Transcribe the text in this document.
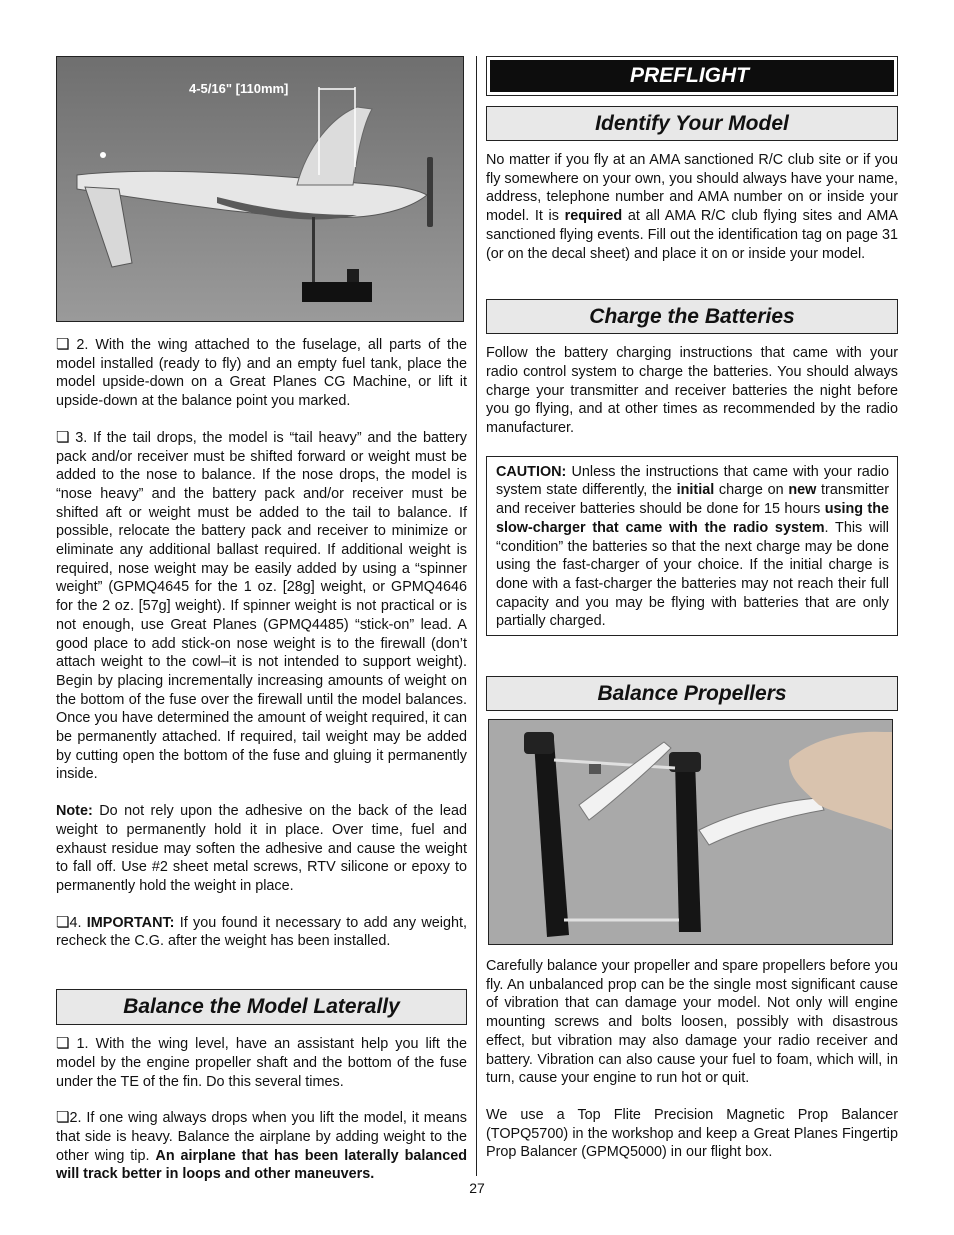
4-5/16" [110mm]

❏ 2. With the wing attached to the fuselage, all parts of the model installed (ready to fly) and an empty fuel tank, place the model upside-down on a Great Planes CG Machine, or lift it upside-down at the balance point you marked.

❏ 3. If the tail drops, the model is “tail heavy” and the battery pack and/or receiver must be shifted forward or weight must be added to the nose to balance. If the nose drops, the model is “nose heavy” and the battery pack and/or receiver must be shifted aft or weight must be added to the tail to balance. If possible, relocate the battery pack and receiver to minimize or eliminate any additional ballast required. If additional weight is required, nose weight may be easily added by using a “spinner weight” (GPMQ4645 for the 1 oz. [28g] weight, or GPMQ4646 for the 2 oz. [57g] weight). If spinner weight is not practical or is not enough, use Great Planes (GPMQ4485) “stick-on” lead. A good place to add stick-on nose weight is to the firewall (don’t attach weight to the cowl–it is not intended to support weight). Begin by placing incrementally increasing amounts of weight on the bottom of the fuse over the firewall until the model balances. Once you have determined the amount of weight required, it can be permanently attached. If required, tail weight may be added by cutting open the bottom of the fuse and gluing it permanently inside.

Note: Do not rely upon the adhesive on the back of the lead weight to permanently hold it in place. Over time, fuel and exhaust residue may soften the adhesive and cause the weight to fall off. Use #2 sheet metal screws, RTV silicone or epoxy to permanently hold the weight in place.

❏4. IMPORTANT: If you found it necessary to add any weight, recheck the C.G. after the weight has been installed.

Balance the Model Laterally

❏ 1. With the wing level, have an assistant help you lift the model by the engine propeller shaft and the bottom of the fuse under the TE of the fin. Do this several times.

❏2. If one wing always drops when you lift the model, it means that side is heavy. Balance the airplane by adding weight to the other wing tip. An airplane that has been laterally balanced will track better in loops and other maneuvers.

PREFLIGHT
Identify Your Model

No matter if you fly at an AMA sanctioned R/C club site or if you fly somewhere on your own, you should always have your name, address, telephone number and AMA number on or inside your model. It is required at all AMA R/C club flying sites and AMA sanctioned flying events. Fill out the identification tag on page 31 (or on the decal sheet) and place it on or inside your model.

Charge the Batteries

Follow the battery charging instructions that came with your radio control system to charge the batteries. You should always charge your transmitter and receiver batteries the night before you go flying, and at other times as recommended by the radio manufacturer.

CAUTION: Unless the instructions that came with your radio system state differently, the initial charge on new transmitter and receiver batteries should be done for 15 hours using the slow-charger that came with the radio system. This will “condition” the batteries so that the next charge may be done using the fast-charger of your choice. If the initial charge is done with a fast-charger the batteries may not reach their full capacity and you may be flying with batteries that are only partially charged.

Balance Propellers

Carefully balance your propeller and spare propellers before you fly. An unbalanced prop can be the single most significant cause of vibration that can damage your model. Not only will engine mounting screws and bolts loosen, possibly with disastrous effect, but vibration may also damage your radio receiver and battery. Vibration can also cause your fuel to foam, which will, in turn, cause your engine to run hot or quit.

We use a Top Flite Precision Magnetic Prop Balancer (TOPQ5700) in the workshop and keep a Great Planes Fingertip Prop Balancer (GPMQ5000) in our flight box.

27
